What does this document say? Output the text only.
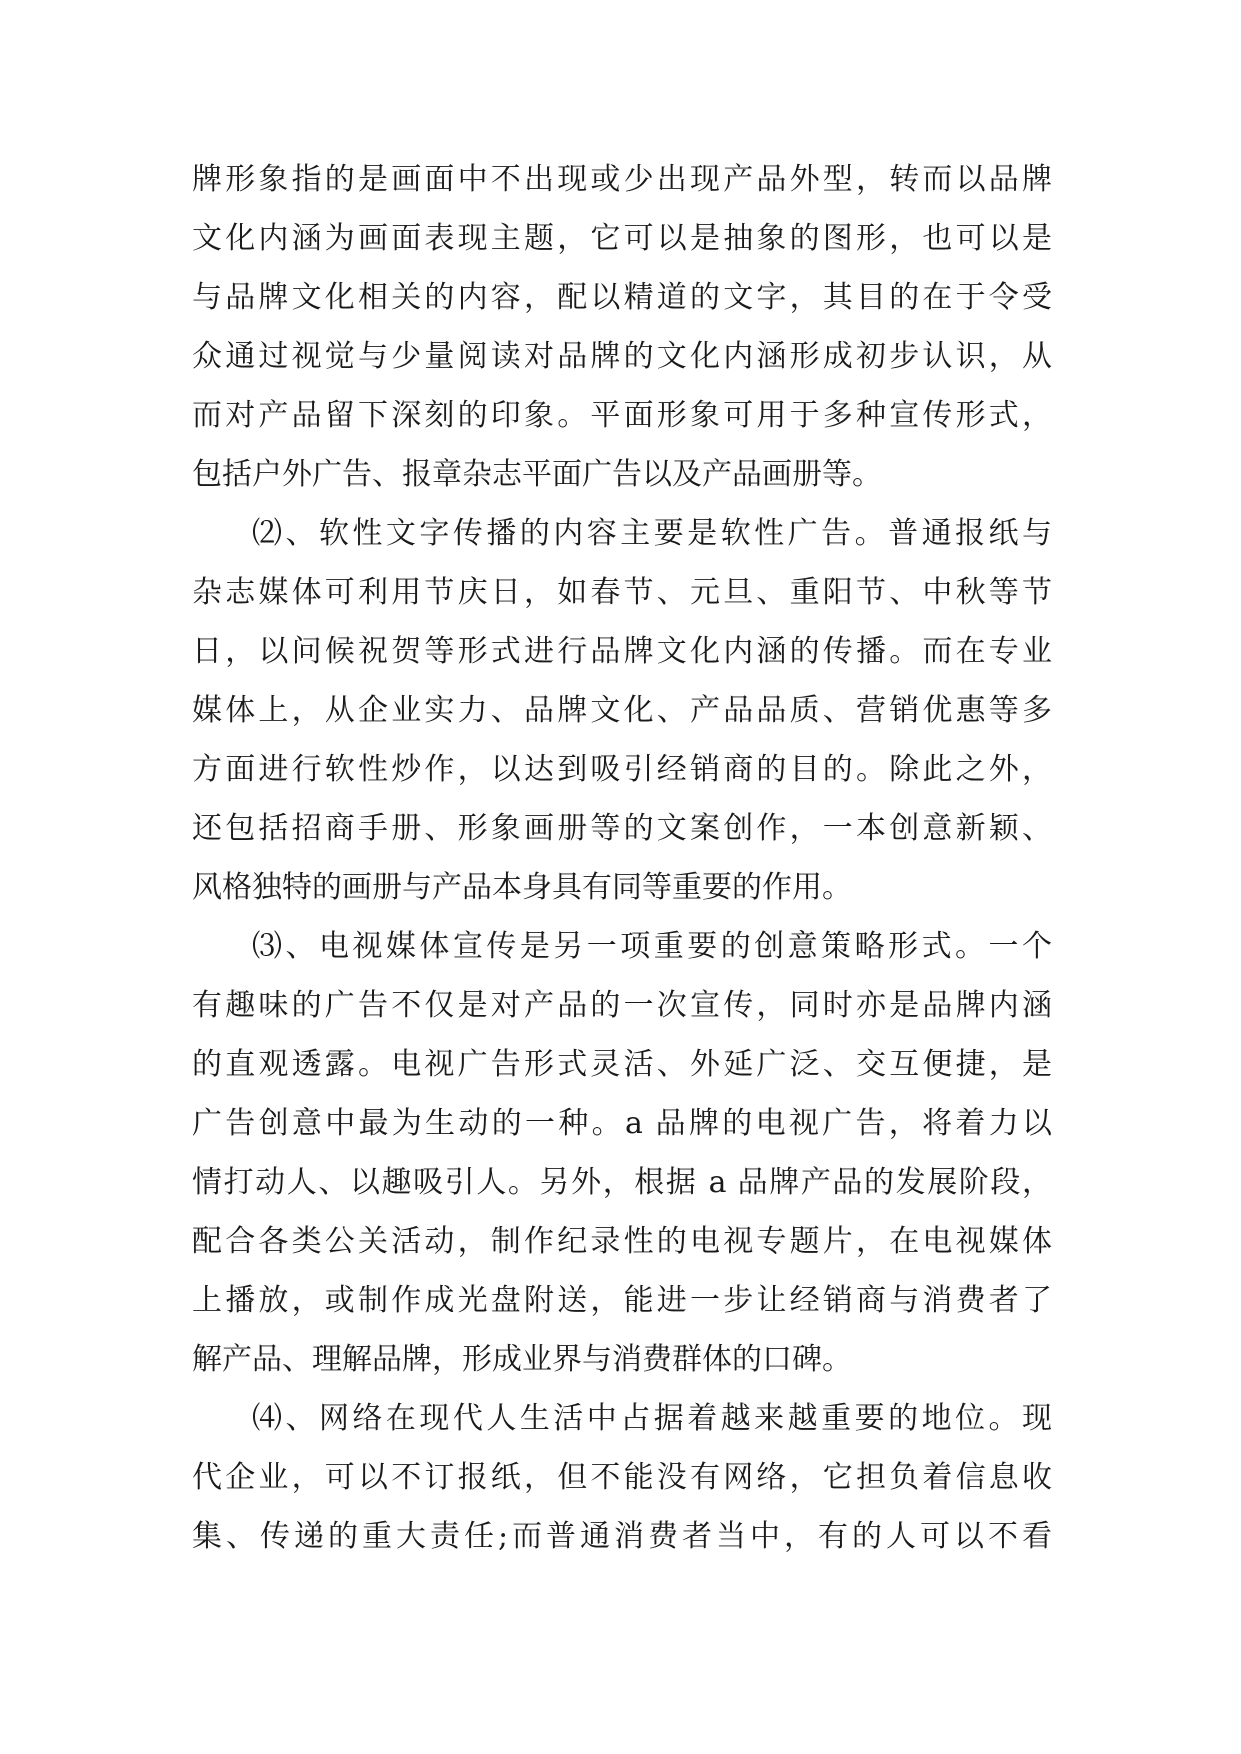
牌形象指的是画面中不出现或少出现产品外型，转而以品牌
文化内涵为画面表现主题，它可以是抽象的图形，也可以是
与品牌文化相关的内容，配以精道的文字，其目的在于令受
众通过视觉与少量阅读对品牌的文化内涵形成初步认识，从
而对产品留下深刻的印象。平面形象可用于多种宣传形式，
包括户外广告、报章杂志平面广告以及产品画册等。
⑵、软性文字传播的内容主要是软性广告。普通报纸与
杂志媒体可利用节庆日，如春节、元旦、重阳节、中秋等节
日，以问候祝贺等形式进行品牌文化内涵的传播。而在专业
媒体上，从企业实力、品牌文化、产品品质、营销优惠等多
方面进行软性炒作，以达到吸引经销商的目的。除此之外，
还包括招商手册、形象画册等的文案创作，一本创意新颖、
风格独特的画册与产品本身具有同等重要的作用。
⑶、电视媒体宣传是另一项重要的创意策略形式。一个
有趣味的广告不仅是对产品的一次宣传，同时亦是品牌内涵
的直观透露。电视广告形式灵活、外延广泛、交互便捷，是
广告创意中最为生动的一种。a 品牌的电视广告，将着力以
情打动人、以趣吸引人。另外，根据 a 品牌产品的发展阶段，
配合各类公关活动，制作纪录性的电视专题片，在电视媒体
上播放，或制作成光盘附送，能进一步让经销商与消费者了
解产品、理解品牌，形成业界与消费群体的口碑。
⑷、网络在现代人生活中占据着越来越重要的地位。现
代企业，可以不订报纸，但不能没有网络，它担负着信息收
集、传递的重大责任;而普通消费者当中，有的人可以不看
